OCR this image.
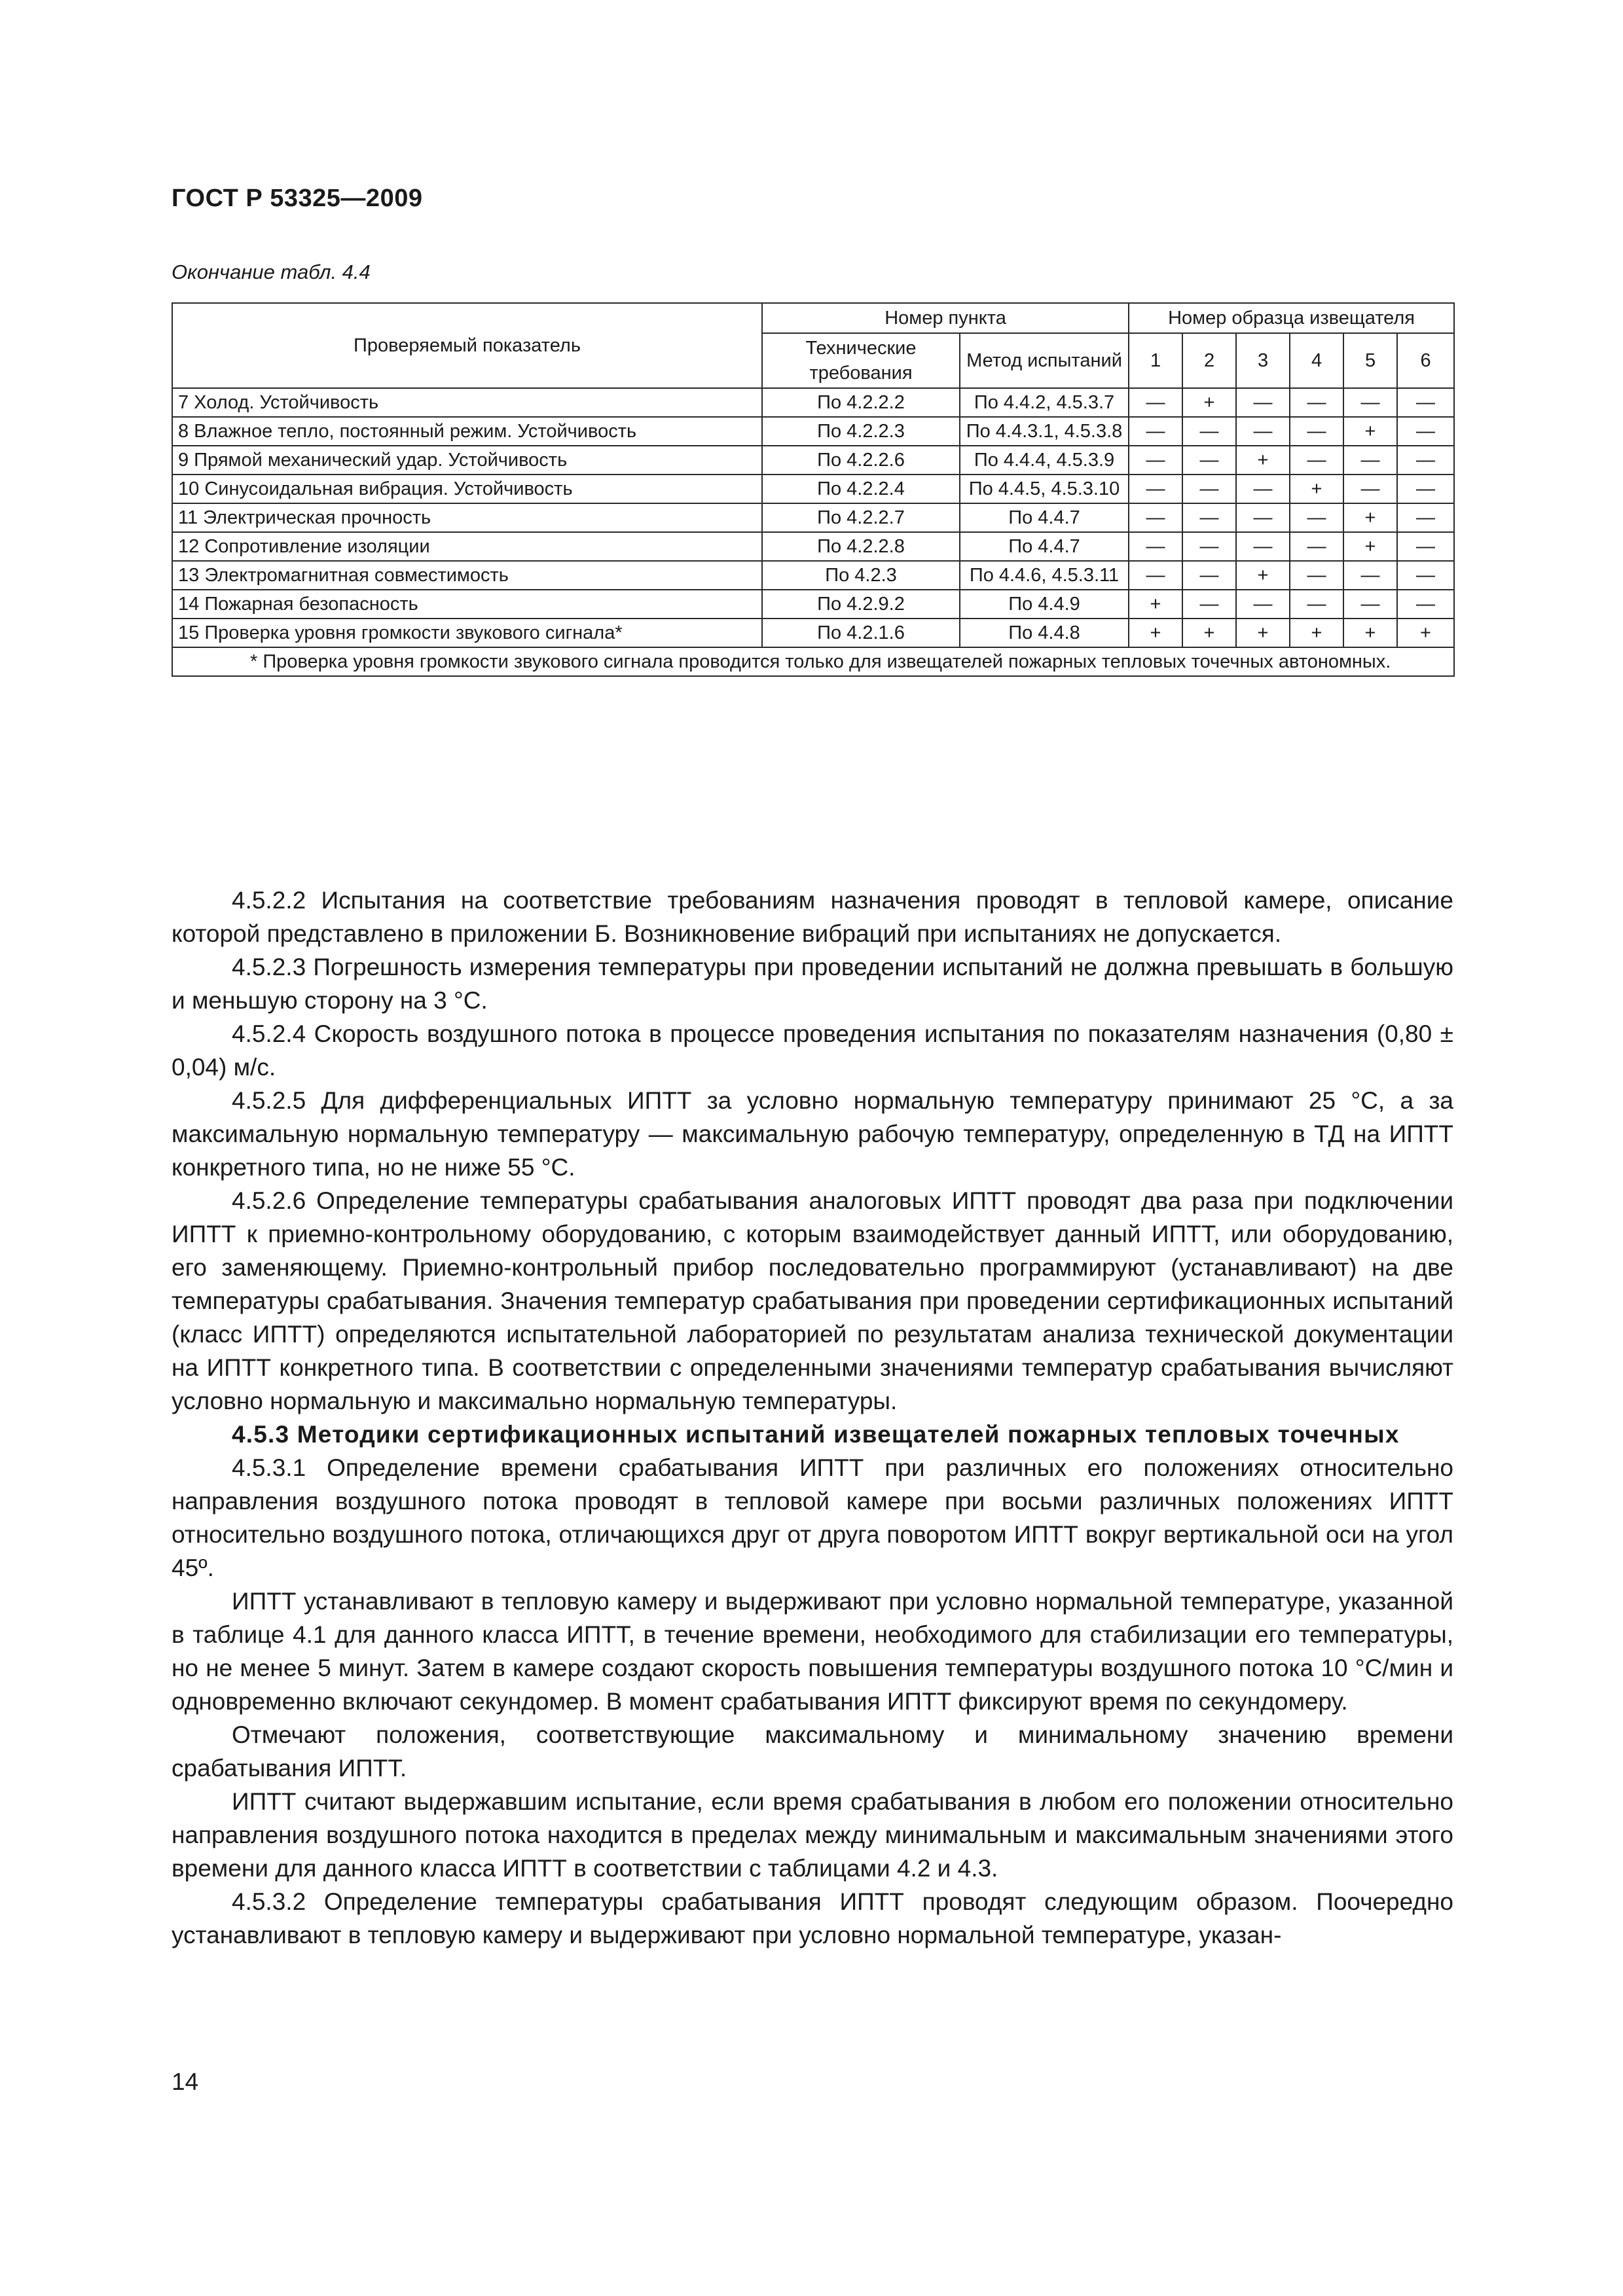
ГОСТ Р 53325—2009
Окончание табл. 4.4
Проверяемый показатель	Номер пункта		Номер образца извещателя					
	Технические требования	Метод испытаний	1	2	3	4	5	6
7 Холод. Устойчивость	По 4.2.2.2	По 4.4.2, 4.5.3.7	—	+	—	—	—	—
8 Влажное тепло, постоянный режим. Устойчивость	По 4.2.2.3	По 4.4.3.1, 4.5.3.8	—	—	—	—	+	—
9 Прямой механический удар. Устойчивость	По 4.2.2.6	По 4.4.4, 4.5.3.9	—	—	+	—	—	—
10 Синусоидальная вибрация. Устойчивость	По 4.2.2.4	По 4.4.5, 4.5.3.10	—	—	—	+	—	—
11 Электрическая прочность	По 4.2.2.7	По 4.4.7	—	—	—	—	+	—
12 Сопротивление изоляции	По 4.2.2.8	По 4.4.7	—	—	—	—	+	—
13 Электромагнитная совместимость	По 4.2.3	По 4.4.6, 4.5.3.11	—	—	+	—	—	—
14 Пожарная безопасность	По 4.2.9.2	По 4.4.9	+	—	—	—	—	—
15 Проверка уровня громкости звукового сигнала*	По 4.2.1.6	По 4.4.8	+	+	+	+	+	+
* Проверка уровня громкости звукового сигнала проводится только для извещателей пожарных тепловых точечных автономных.								

4.5.2.2 Испытания на соответствие требованиям назначения проводят в тепловой камере, описание которой представлено в приложении Б. Возникновение вибраций при испытаниях не допускается.

4.5.2.3 Погрешность измерения температуры при проведении испытаний не должна превышать в большую и меньшую сторону на 3 °С.

4.5.2.4 Скорость воздушного потока в процессе проведения испытания по показателям назначения (0,80 ± 0,04) м/с.

4.5.2.5 Для дифференциальных ИПТТ за условно нормальную температуру принимают 25 °С, а за максимальную нормальную температуру — максимальную рабочую температуру, определенную в ТД на ИПТТ конкретного типа, но не ниже 55 °С.

4.5.2.6 Определение температуры срабатывания аналоговых ИПТТ проводят два раза при подключении ИПТТ к приемно-контрольному оборудованию, с которым взаимодействует данный ИПТТ, или оборудованию, его заменяющему. Приемно-контрольный прибор последовательно программируют (устанавливают) на две температуры срабатывания. Значения температур срабатывания при проведении сертификационных испытаний (класс ИПТТ) определяются испытательной лабораторией по результатам анализа технической документации на ИПТТ конкретного типа. В соответствии с определенными значениями температур срабатывания вычисляют условно нормальную и максимально нормальную температуры.

4.5.3 Методики сертификационных испытаний извещателей пожарных тепловых точечных

4.5.3.1 Определение времени срабатывания ИПТТ при различных его положениях относительно направления воздушного потока проводят в тепловой камере при восьми различных положениях ИПТТ относительно воздушного потока, отличающихся друг от друга поворотом ИПТТ вокруг вертикальной оси на угол 45º.

ИПТТ устанавливают в тепловую камеру и выдерживают при условно нормальной температуре, указанной в таблице 4.1 для данного класса ИПТТ, в течение времени, необходимого для стабилизации его температуры, но не менее 5 минут. Затем в камере создают скорость повышения температуры воздушного потока 10 °С/мин и одновременно включают секундомер. В момент срабатывания ИПТТ фиксируют время по секундомеру.

Отмечают положения, соответствующие максимальному и минимальному значению времени срабатывания ИПТТ.

ИПТТ считают выдержавшим испытание, если время срабатывания в любом его положении относительно направления воздушного потока находится в пределах между минимальным и максимальным значениями этого времени для данного класса ИПТТ в соответствии с таблицами 4.2 и 4.3.

4.5.3.2 Определение температуры срабатывания ИПТТ проводят следующим образом. Поочередно устанавливают в тепловую камеру и выдерживают при условно нормальной температуре, указан-

14
